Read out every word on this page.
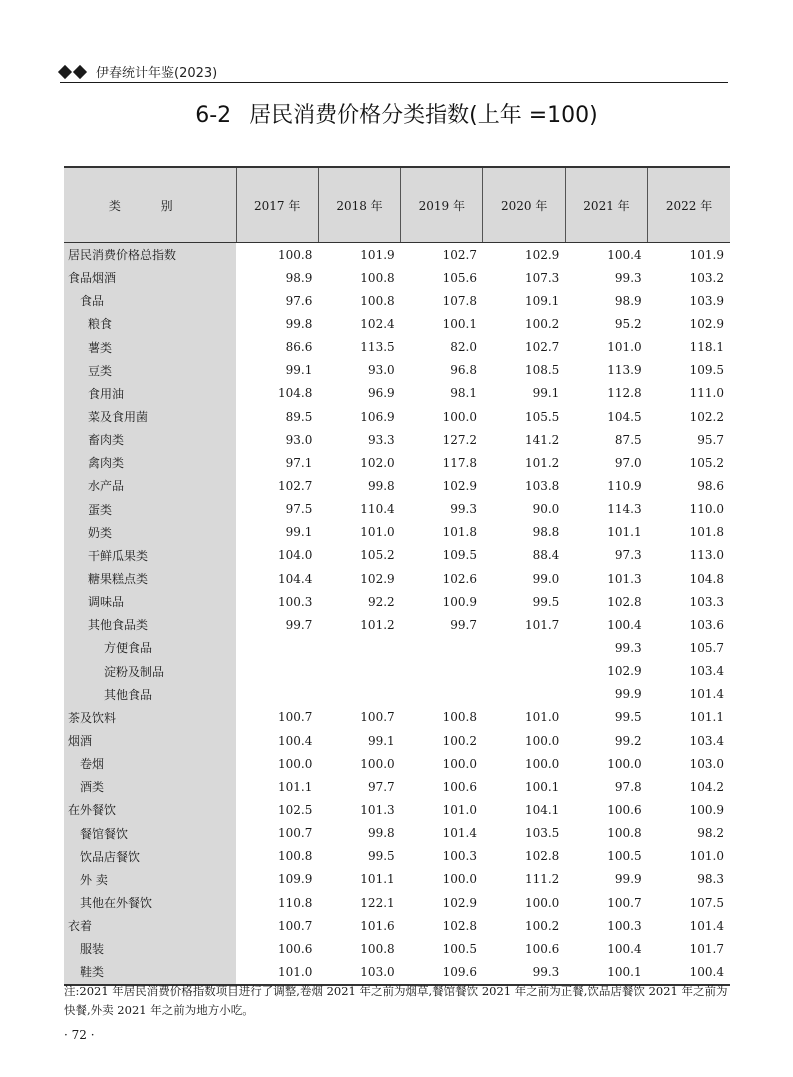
伊春统计年鉴(2023)
6-2 居民消费价格分类指数(上年 =100)
类 别	2017 年	2018 年	2019 年	2020 年	2021 年	2022 年
居民消费价格总指数	100.8	101.9	102.7	102.9	100.4	101.9
食品烟酒	98.9	100.8	105.6	107.3	99.3	103.2
食品	97.6	100.8	107.8	109.1	98.9	103.9
粮食	99.8	102.4	100.1	100.2	95.2	102.9
薯类	86.6	113.5	82.0	102.7	101.0	118.1
豆类	99.1	93.0	96.8	108.5	113.9	109.5
食用油	104.8	96.9	98.1	99.1	112.8	111.0
菜及食用菌	89.5	106.9	100.0	105.5	104.5	102.2
畜肉类	93.0	93.3	127.2	141.2	87.5	95.7
禽肉类	97.1	102.0	117.8	101.2	97.0	105.2
水产品	102.7	99.8	102.9	103.8	110.9	98.6
蛋类	97.5	110.4	99.3	90.0	114.3	110.0
奶类	99.1	101.0	101.8	98.8	101.1	101.8
干鲜瓜果类	104.0	105.2	109.5	88.4	97.3	113.0
糖果糕点类	104.4	102.9	102.6	99.0	101.3	104.8
调味品	100.3	92.2	100.9	99.5	102.8	103.3
其他食品类	99.7	101.2	99.7	101.7	100.4	103.6
方便食品					99.3	105.7
淀粉及制品					102.9	103.4
其他食品					99.9	101.4
茶及饮料	100.7	100.7	100.8	101.0	99.5	101.1
烟酒	100.4	99.1	100.2	100.0	99.2	103.4
卷烟	100.0	100.0	100.0	100.0	100.0	103.0
酒类	101.1	97.7	100.6	100.1	97.8	104.2
在外餐饮	102.5	101.3	101.0	104.1	100.6	100.9
餐馆餐饮	100.7	99.8	101.4	103.5	100.8	98.2
饮品店餐饮	100.8	99.5	100.3	102.8	100.5	101.0
外 卖	109.9	101.1	100.0	111.2	99.9	98.3
其他在外餐饮	110.8	122.1	102.9	100.0	100.7	107.5
衣着	100.7	101.6	102.8	100.2	100.3	101.4
服装	100.6	100.8	100.5	100.6	100.4	101.7
鞋类	101.0	103.0	109.6	99.3	100.1	100.4
注:2021 年居民消费价格指数项目进行了调整,卷烟 2021 年之前为烟草,餐馆餐饮 2021 年之前为正餐,饮品店餐饮 2021 年之前为快餐,外卖 2021 年之前为地方小吃。
· 72 ·
